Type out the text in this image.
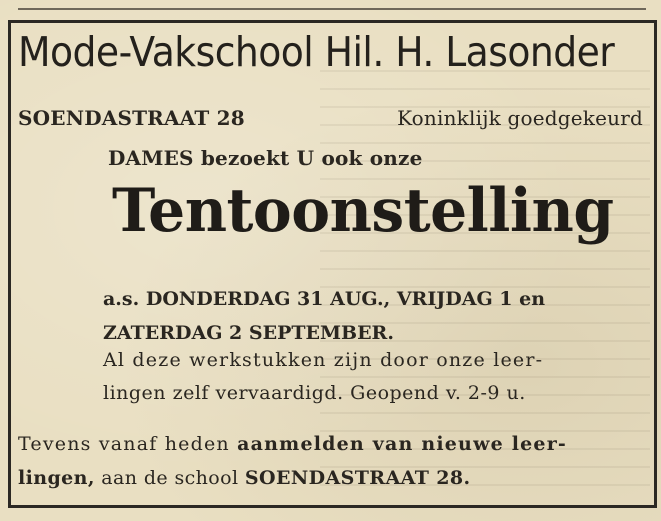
Mode-Vakschool Hil. H. Lasonder
SOENDASTRAAT 28	Koninklijk goedgekeurd
DAMES bezoekt U ook onze
Tentoonstelling
a.s. DONDERDAG 31 AUG., VRIJDAG 1 en
ZATERDAG 2 SEPTEMBER.
Al deze werkstukken zijn door onze leer-
lingen zelf vervaardigd. Geopend v. 2-9 u.
Tevens vanaf heden aanmelden van nieuwe leer-
lingen, aan de school SOENDASTRAAT 28.
